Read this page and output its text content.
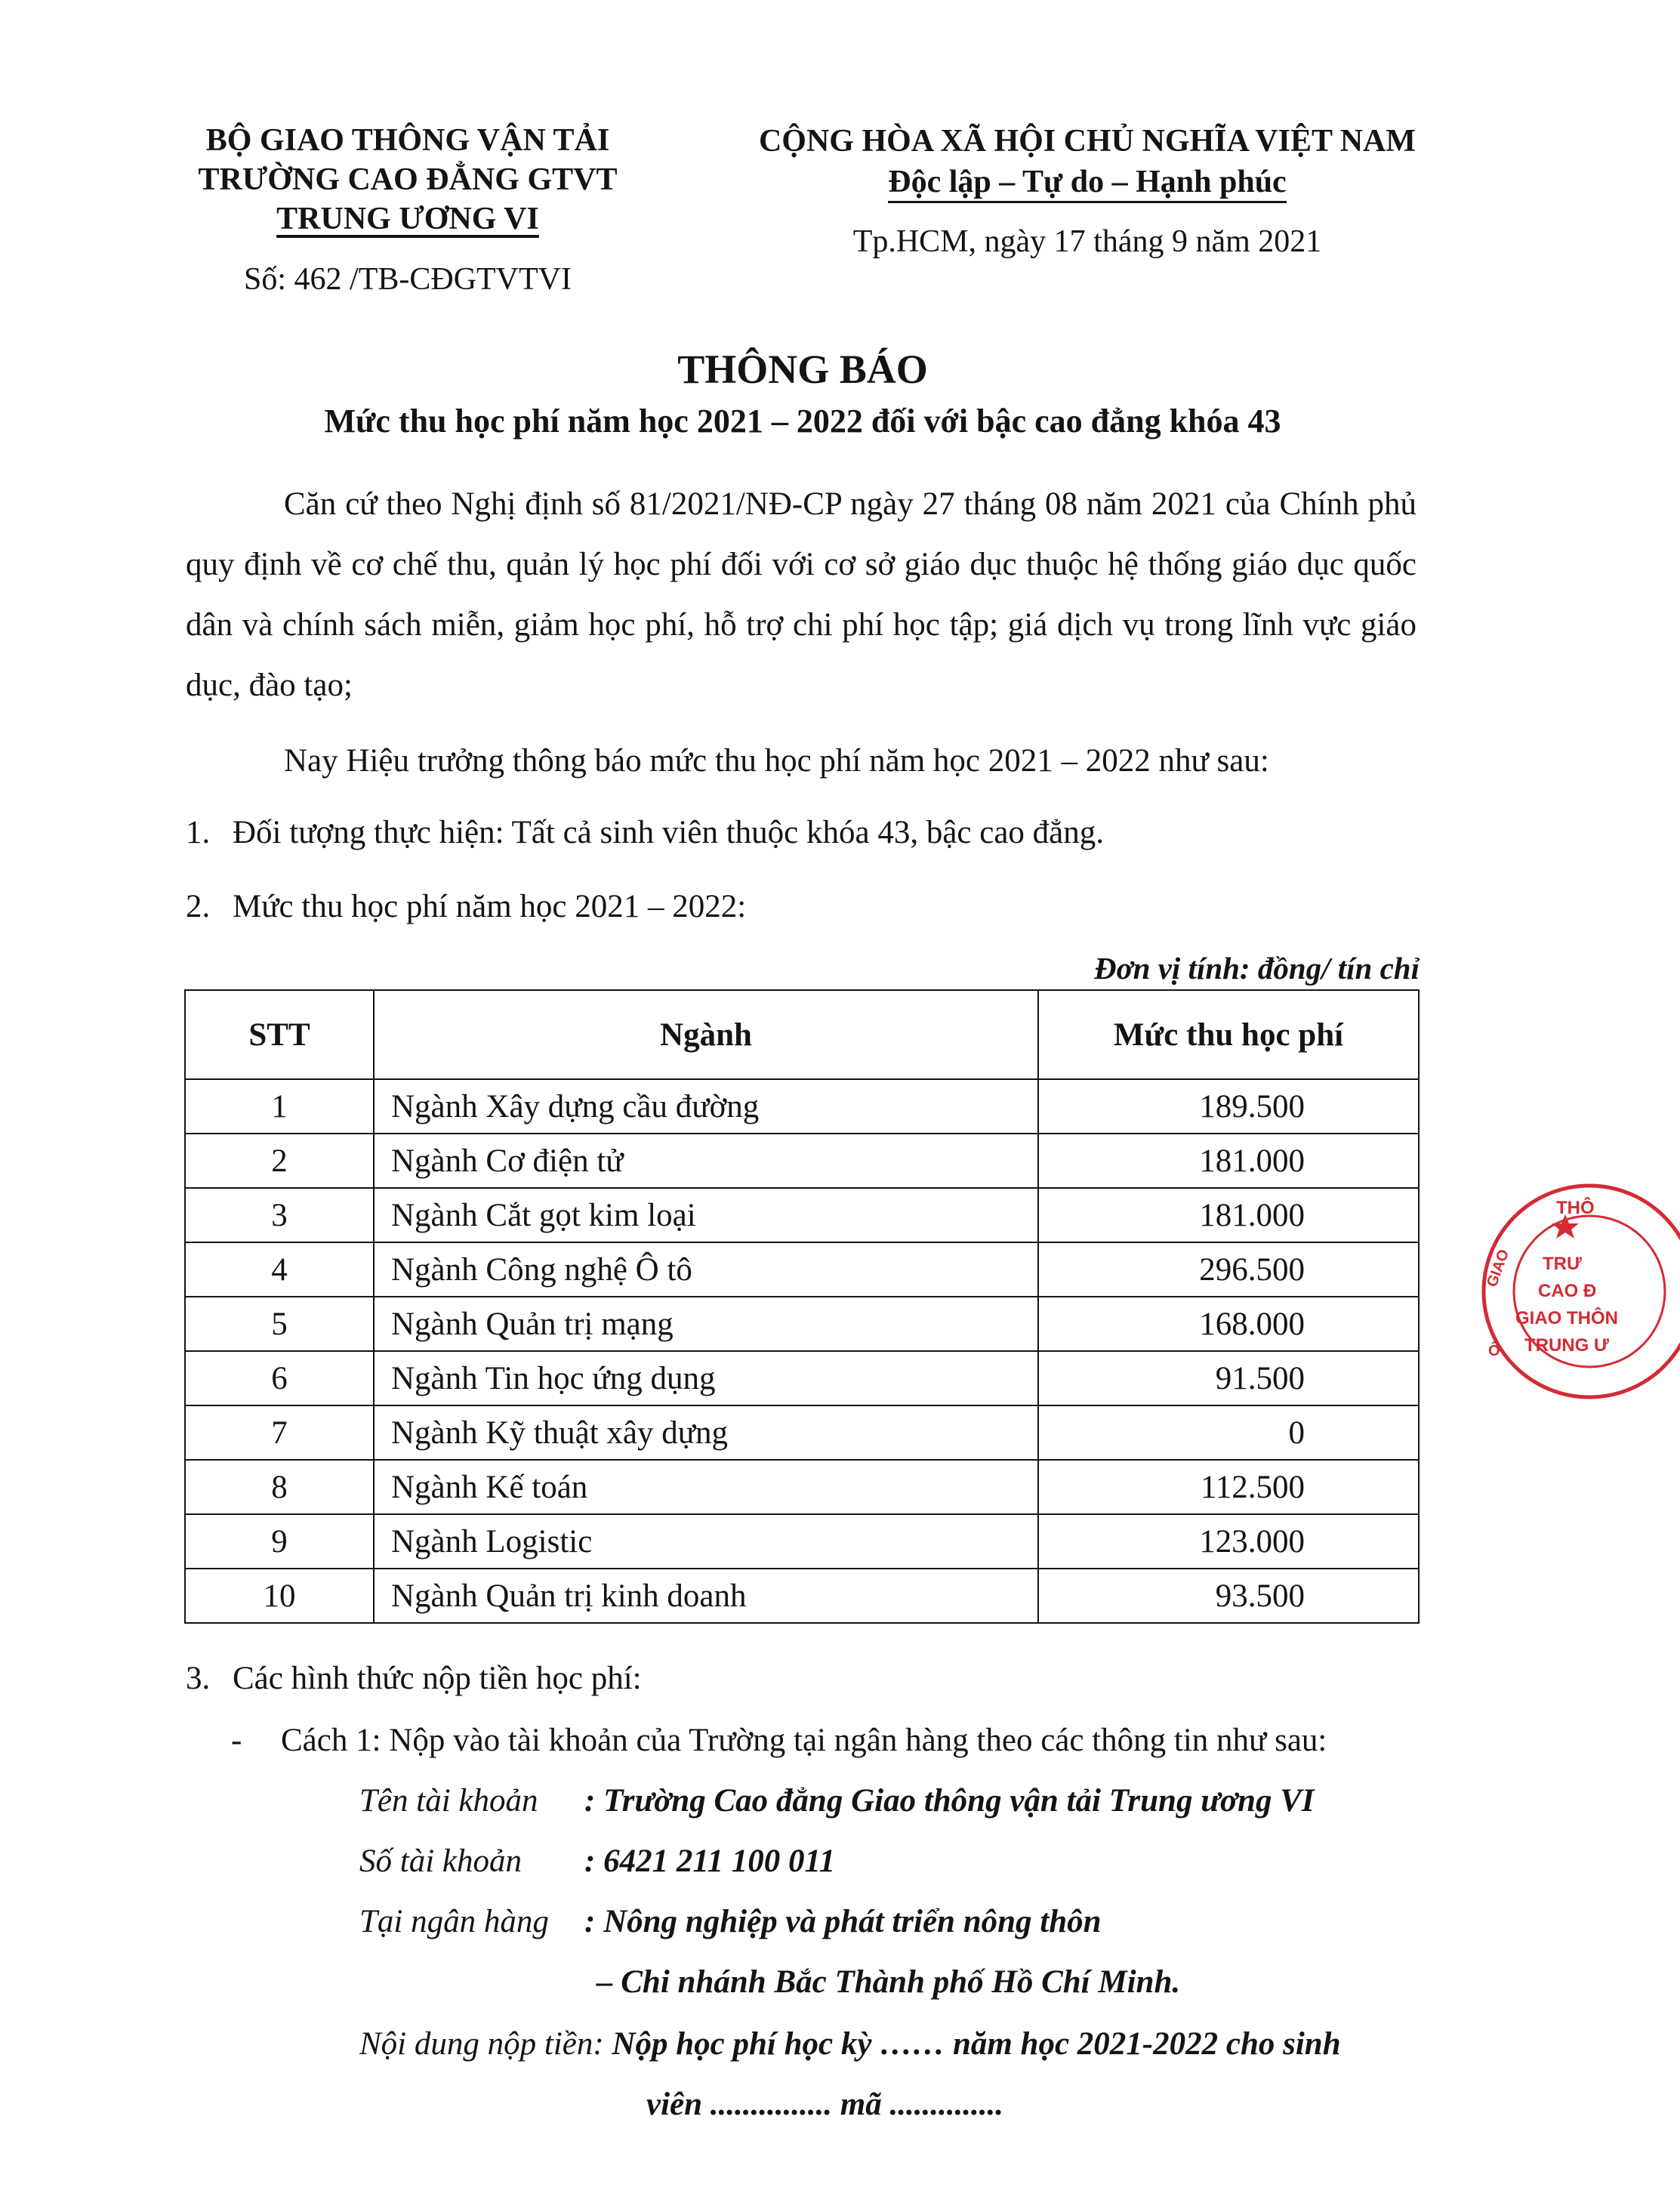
BỘ GIAO THÔNG VẬN TẢI
TRƯỜNG CAO ĐẲNG GTVT
TRUNG ƯƠNG VI
Số: 462 /TB-CĐGTVTVI
CỘNG HÒA XÃ HỘI CHỦ NGHĨA VIỆT NAM
Độc lập – Tự do – Hạnh phúc
Tp.HCM, ngày 17 tháng 9 năm 2021
THÔNG BÁO
Mức thu học phí năm học 2021 – 2022 đối với bậc cao đẳng khóa 43
Căn cứ theo Nghị định số 81/2021/NĐ-CP ngày 27 tháng 08 năm 2021 của Chính phủ quy định về cơ chế thu, quản lý học phí đối với cơ sở giáo dục thuộc hệ thống giáo dục quốc dân và chính sách miễn, giảm học phí, hỗ trợ chi phí học tập; giá dịch vụ trong lĩnh vực giáo dục, đào tạo;
Nay Hiệu trưởng thông báo mức thu học phí năm học 2021 – 2022 như sau:
1. Đối tượng thực hiện: Tất cả sinh viên thuộc khóa 43, bậc cao đẳng.
2. Mức thu học phí năm học 2021 – 2022:
Đơn vị tính: đồng/ tín chỉ
STT	Ngành	Mức thu học phí
1	Ngành Xây dựng cầu đường	189.500
2	Ngành Cơ điện tử	181.000
3	Ngành Cắt gọt kim loại	181.000
4	Ngành Công nghệ Ô tô	296.500
5	Ngành Quản trị mạng	168.000
6	Ngành Tin học ứng dụng	91.500
7	Ngành Kỹ thuật xây dựng	0
8	Ngành Kế toán	112.500
9	Ngành Logistic	123.000
10	Ngành Quản trị kinh doanh	93.500
3. Các hình thức nộp tiền học phí:
- Cách 1: Nộp vào tài khoản của Trường tại ngân hàng theo các thông tin như sau:
Tên tài khoản : Trường Cao đẳng Giao thông vận tải Trung ương VI
Số tài khoản : 6421 211 100 011
Tại ngân hàng : Nông nghiệp và phát triển nông thôn
– Chi nhánh Bắc Thành phố Hồ Chí Minh.
Nội dung nộp tiền: Nộp học phí học kỳ …… năm học 2021-2022 cho sinh
viên ............... mã ..............
THÔ
GIAO
Ô
TRƯ
CAO Đ
GIAO THÔN
TRUNG Ư
